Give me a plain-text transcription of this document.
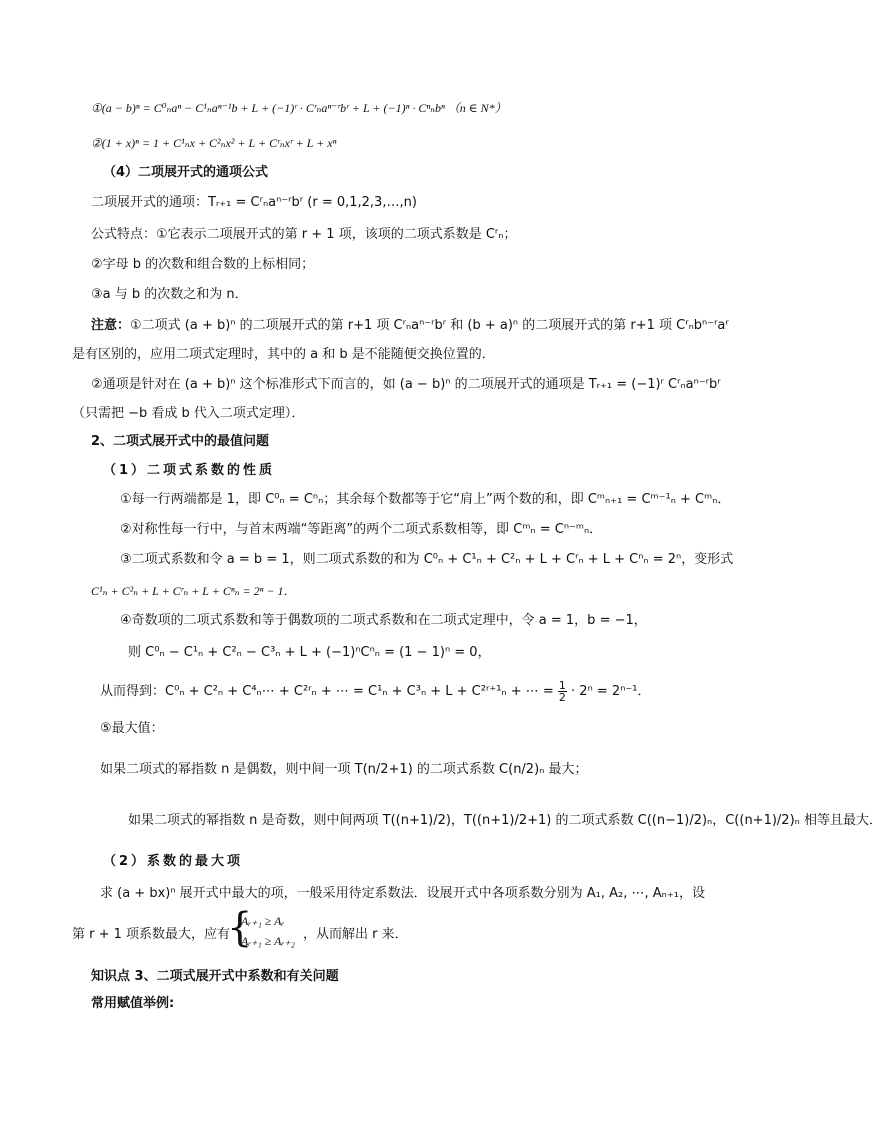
①(a − b)ⁿ = C⁰ₙaⁿ − C¹ₙaⁿ⁻¹b + L + (−1)ʳ · Cʳₙaⁿ⁻ʳbʳ + L + (−1)ⁿ · Cⁿₙbⁿ （n ∈ N*）
②(1 + x)ⁿ = 1 + C¹ₙx + C²ₙx² + L + Cʳₙxʳ + L + xⁿ
（4）二项展开式的通项公式
二项展开式的通项：Tᵣ₊₁ = Cʳₙaⁿ⁻ʳbʳ (r = 0,1,2,3,…,n)
公式特点：①它表示二项展开式的第 r + 1 项，该项的二项式系数是 Cʳₙ；
②字母 b 的次数和组合数的上标相同；
③a 与 b 的次数之和为 n．
注意：①二项式 (a + b)ⁿ 的二项展开式的第 r+1 项 Cʳₙaⁿ⁻ʳbʳ 和 (b + a)ⁿ 的二项展开式的第 r+1 项 Cʳₙbⁿ⁻ʳaʳ
是有区别的，应用二项式定理时，其中的 a 和 b 是不能随便交换位置的．
②通项是针对在 (a + b)ⁿ 这个标准形式下而言的，如 (a − b)ⁿ 的二项展开式的通项是 Tᵣ₊₁ = (−1)ʳ Cʳₙaⁿ⁻ʳbʳ
（只需把 −b 看成 b 代入二项式定理）．
2、二项式展开式中的最值问题
（1）二项式系数的性质
①每一行两端都是 1，即 C⁰ₙ = Cⁿₙ；其余每个数都等于它“肩上”两个数的和，即 Cᵐₙ₊₁ = Cᵐ⁻¹ₙ + Cᵐₙ．
②对称性每一行中，与首末两端“等距离”的两个二项式系数相等，即 Cᵐₙ = Cⁿ⁻ᵐₙ．
③二项式系数和令 a = b = 1，则二项式系数的和为 C⁰ₙ + C¹ₙ + C²ₙ + L + Cʳₙ + L + Cⁿₙ = 2ⁿ，变形式
C¹ₙ + C²ₙ + L + Cʳₙ + L + Cⁿₙ = 2ⁿ − 1．
④奇数项的二项式系数和等于偶数项的二项式系数和在二项式定理中，令 a = 1，b = −1，
则 C⁰ₙ − C¹ₙ + C²ₙ − C³ₙ + L + (−1)ⁿCⁿₙ = (1 − 1)ⁿ = 0，
从而得到：C⁰ₙ + C²ₙ + C⁴ₙ⋯ + C²ʳₙ + ⋯ = C¹ₙ + C³ₙ + L + C²ʳ⁺¹ₙ + ⋯ = $\frac{1}{2} \cdot 2^n = 2^{n-1}$．
⑤最大值：
如果二项式的幂指数 n 是偶数，则中间一项 T(n/2+1) 的二项式系数 C(n/2)ₙ 最大；
如果二项式的幂指数 n 是奇数，则中间两项 T((n+1)/2)，T((n+1)/2+1) 的二项式系数 C((n−1)/2)ₙ，C((n+1)/2)ₙ 相等且最大．
（2）系数的最大项
求 (a + bx)ⁿ 展开式中最大的项，一般采用待定系数法．设展开式中各项系数分别为 A₁, A₂, ⋯, Aₙ₊₁，设
第 r + 1 项系数最大，应有
{
Aᵣ₊₁ ≥ Aᵣ
Aᵣ₊₁ ≥ Aᵣ₊₂ ，从而解出 r 来．
知识点 3、二项式展开式中系数和有关问题
常用赋值举例:
